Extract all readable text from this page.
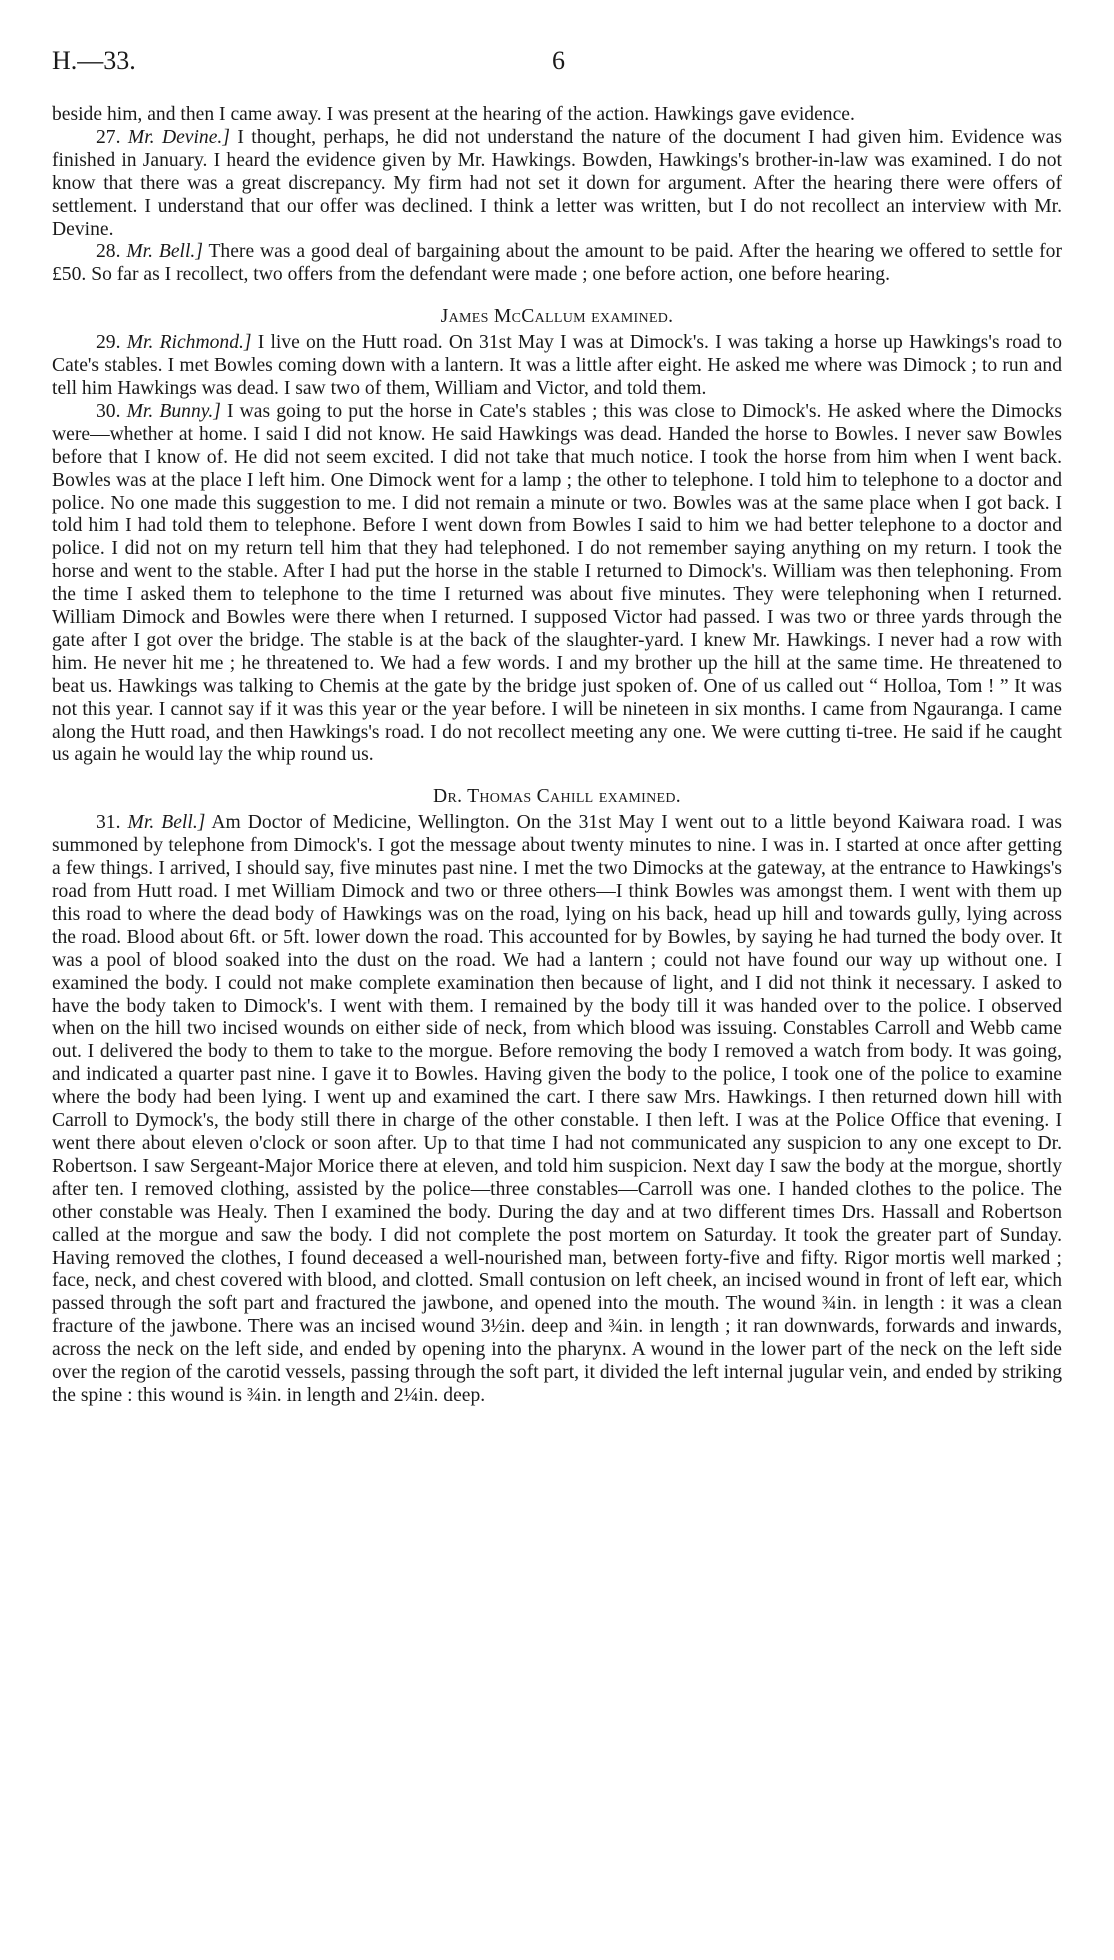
H.—33.	6

beside him, and then I came away. I was present at the hearing of the action. Hawkings gave evidence.

27. Mr. Devine.] I thought, perhaps, he did not understand the nature of the document I had given him. Evidence was finished in January. I heard the evidence given by Mr. Hawkings. Bowden, Hawkings's brother-in-law was examined. I do not know that there was a great discrepancy. My firm had not set it down for argument. After the hearing there were offers of settlement. I understand that our offer was declined. I think a letter was written, but I do not recollect an interview with Mr. Devine.

28. Mr. Bell.] There was a good deal of bargaining about the amount to be paid. After the hearing we offered to settle for £50. So far as I recollect, two offers from the defendant were made ; one before action, one before hearing.

James McCallum examined.

29. Mr. Richmond.] I live on the Hutt road. On 31st May I was at Dimock's. I was taking a horse up Hawkings's road to Cate's stables. I met Bowles coming down with a lantern. It was a little after eight. He asked me where was Dimock ; to run and tell him Hawkings was dead. I saw two of them, William and Victor, and told them.

30. Mr. Bunny.] I was going to put the horse in Cate's stables ; this was close to Dimock's. He asked where the Dimocks were—whether at home. I said I did not know. He said Hawkings was dead. Handed the horse to Bowles. I never saw Bowles before that I know of. He did not seem excited. I did not take that much notice. I took the horse from him when I went back. Bowles was at the place I left him. One Dimock went for a lamp ; the other to telephone. I told him to telephone to a doctor and police. No one made this suggestion to me. I did not remain a minute or two. Bowles was at the same place when I got back. I told him I had told them to telephone. Before I went down from Bowles I said to him we had better telephone to a doctor and police. I did not on my return tell him that they had telephoned. I do not remember saying anything on my return. I took the horse and went to the stable. After I had put the horse in the stable I returned to Dimock's. William was then telephoning. From the time I asked them to telephone to the time I returned was about five minutes. They were telephoning when I returned. William Dimock and Bowles were there when I returned. I supposed Victor had passed. I was two or three yards through the gate after I got over the bridge. The stable is at the back of the slaughter-yard. I knew Mr. Hawkings. I never had a row with him. He never hit me ; he threatened to. We had a few words. I and my brother up the hill at the same time. He threatened to beat us. Hawkings was talking to Chemis at the gate by the bridge just spoken of. One of us called out “ Holloa, Tom ! ” It was not this year. I cannot say if it was this year or the year before. I will be nineteen in six months. I came from Ngauranga. I came along the Hutt road, and then Hawkings's road. I do not recollect meeting any one. We were cutting ti-tree. He said if he caught us again he would lay the whip round us.

Dr. Thomas Cahill examined.

31. Mr. Bell.] Am Doctor of Medicine, Wellington. On the 31st May I went out to a little beyond Kaiwara road. I was summoned by telephone from Dimock's. I got the message about twenty minutes to nine. I was in. I started at once after getting a few things. I arrived, I should say, five minutes past nine. I met the two Dimocks at the gateway, at the entrance to Hawkings's road from Hutt road. I met William Dimock and two or three others—I think Bowles was amongst them. I went with them up this road to where the dead body of Hawkings was on the road, lying on his back, head up hill and towards gully, lying across the road. Blood about 6ft. or 5ft. lower down the road. This accounted for by Bowles, by saying he had turned the body over. It was a pool of blood soaked into the dust on the road. We had a lantern ; could not have found our way up without one. I examined the body. I could not make complete examination then because of light, and I did not think it necessary. I asked to have the body taken to Dimock's. I went with them. I remained by the body till it was handed over to the police. I observed when on the hill two incised wounds on either side of neck, from which blood was issuing. Constables Carroll and Webb came out. I delivered the body to them to take to the morgue. Before removing the body I removed a watch from body. It was going, and indicated a quarter past nine. I gave it to Bowles. Having given the body to the police, I took one of the police to examine where the body had been lying. I went up and examined the cart. I there saw Mrs. Hawkings. I then returned down hill with Carroll to Dymock's, the body still there in charge of the other constable. I then left. I was at the Police Office that evening. I went there about eleven o'clock or soon after. Up to that time I had not communicated any suspicion to any one except to Dr. Robertson. I saw Sergeant-Major Morice there at eleven, and told him suspicion. Next day I saw the body at the morgue, shortly after ten. I removed clothing, assisted by the police—three constables—Carroll was one. I handed clothes to the police. The other constable was Healy. Then I examined the body. During the day and at two different times Drs. Hassall and Robertson called at the morgue and saw the body. I did not complete the post mortem on Saturday. It took the greater part of Sunday. Having removed the clothes, I found deceased a well-nourished man, between forty-five and fifty. Rigor mortis well marked ; face, neck, and chest covered with blood, and clotted. Small contusion on left cheek, an incised wound in front of left ear, which passed through the soft part and fractured the jawbone, and opened into the mouth. The wound ¾in. in length : it was a clean fracture of the jawbone. There was an incised wound 3½in. deep and ¾in. in length ; it ran downwards, forwards and inwards, across the neck on the left side, and ended by opening into the pharynx. A wound in the lower part of the neck on the left side over the region of the carotid vessels, passing through the soft part, it divided the left internal jugular vein, and ended by striking the spine : this wound is ¾in. in length and 2¼in. deep.
